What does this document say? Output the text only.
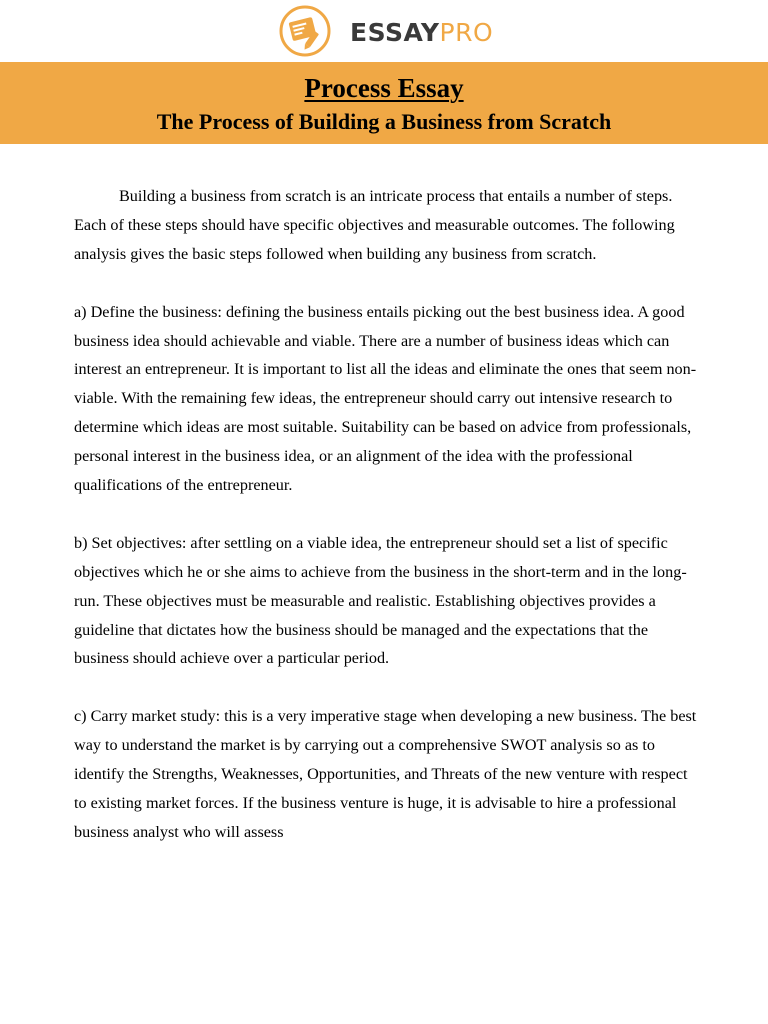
ESSAYPRO
Process Essay
The Process of Building a Business from Scratch

Building a business from scratch is an intricate process that entails a number of steps. Each of these steps should have specific objectives and measurable outcomes. The following analysis gives the basic steps followed when building any business from scratch.

a) Define the business: defining the business entails picking out the best business idea. A good business idea should achievable and viable. There are a number of business ideas which can interest an entrepreneur. It is important to list all the ideas and eliminate the ones that seem non-viable. With the remaining few ideas, the entrepreneur should carry out intensive research to determine which ideas are most suitable. Suitability can be based on advice from professionals, personal interest in the business idea, or an alignment of the idea with the professional qualifications of the entrepreneur.

b) Set objectives: after settling on a viable idea, the entrepreneur should set a list of specific objectives which he or she aims to achieve from the business in the short-term and in the long-run. These objectives must be measurable and realistic. Establishing objectives provides a guideline that dictates how the business should be managed and the expectations that the business should achieve over a particular period.

c) Carry market study: this is a very imperative stage when developing a new business. The best way to understand the market is by carrying out a comprehensive SWOT analysis so as to identify the Strengths, Weaknesses, Opportunities, and Threats of the new venture with respect to existing market forces. If the business venture is huge, it is advisable to hire a professional business analyst who will assess
